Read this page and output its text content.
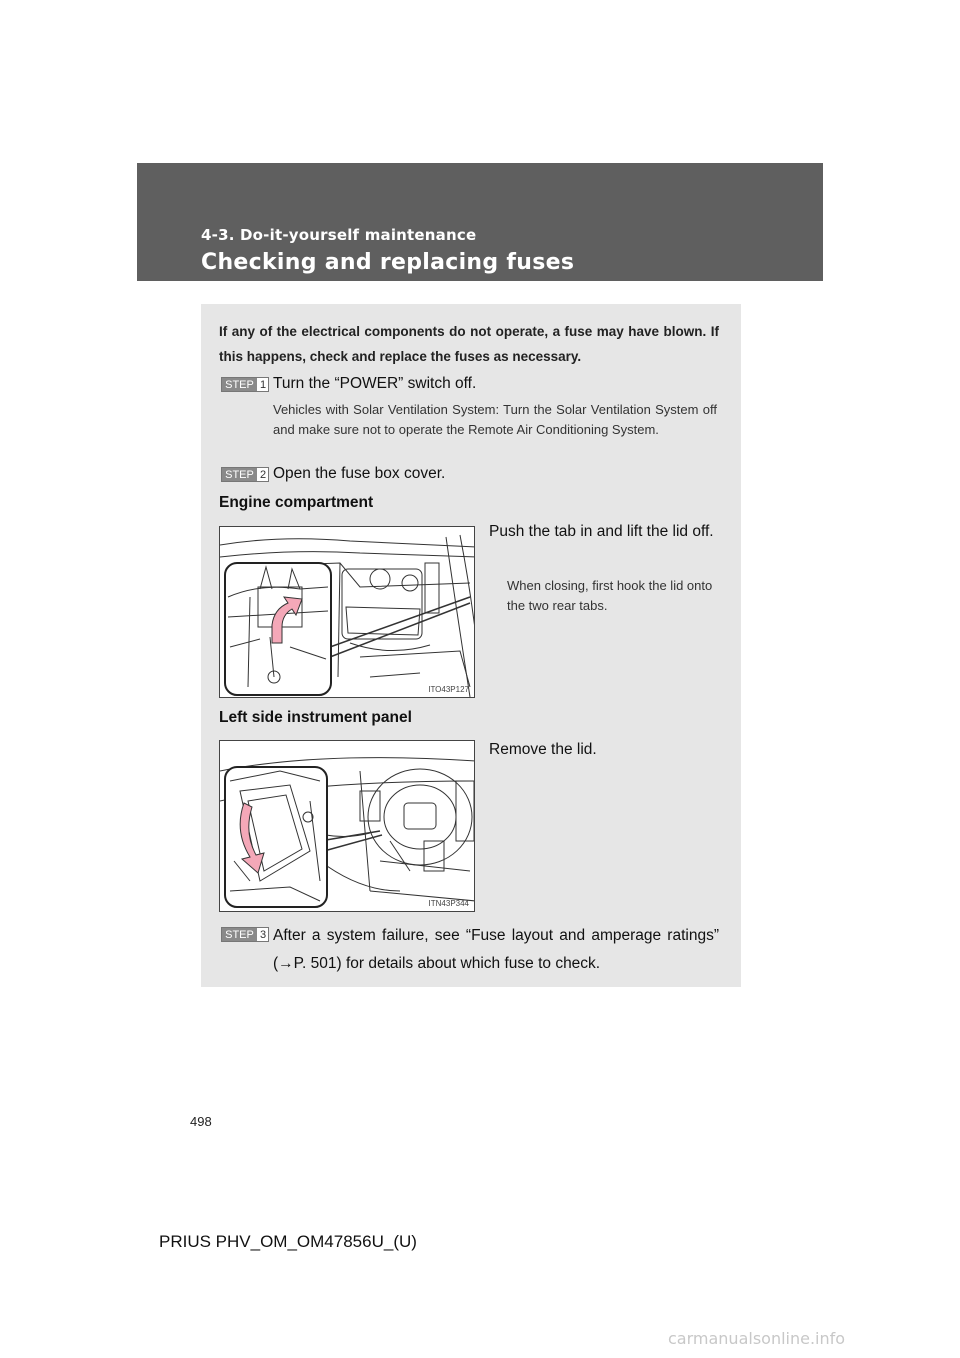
4-3. Do-it-yourself maintenance
Checking and replacing fuses
If any of the electrical components do not operate, a fuse may have blown. If this happens, check and replace the fuses as necessary.
STEP 1 Turn the “POWER” switch off.
Vehicles with Solar Ventilation System: Turn the Solar Ventilation System off and make sure not to operate the Remote Air Conditioning System.
STEP 2 Open the fuse box cover.
Engine compartment
ITO43P127
Push the tab in and lift the lid off.
When closing, first hook the lid onto the two rear tabs.
Left side instrument panel
ITN43P344
Remove the lid.
STEP 3 After a system failure, see “Fuse layout and amperage ratings” (→P. 501) for details about which fuse to check.
498
PRIUS PHV_OM_OM47856U_(U)
carmanualsonline.info
